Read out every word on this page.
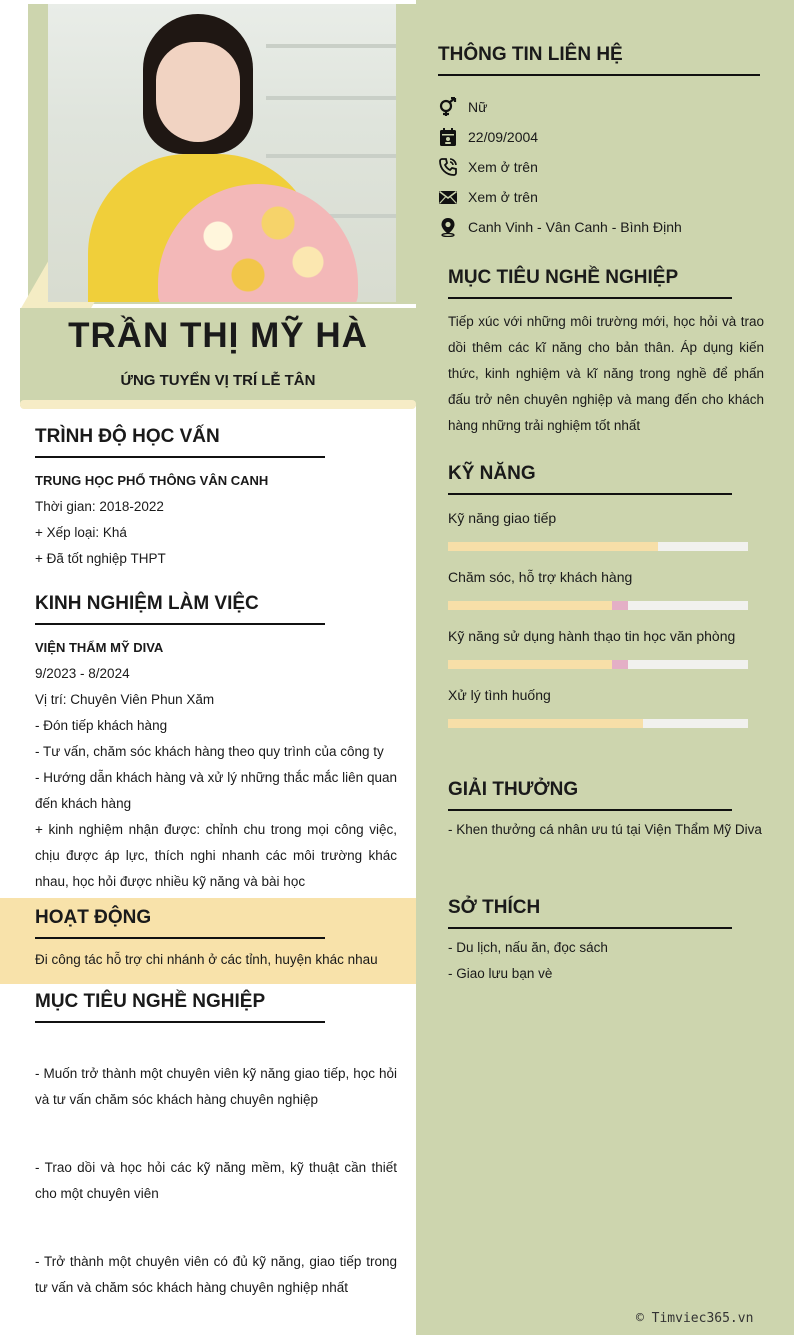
TRẦN THỊ MỸ HÀ
ỨNG TUYỂN VỊ TRÍ LỄ TÂN
TRÌNH ĐỘ HỌC VẤN
TRUNG HỌC PHỔ THÔNG VÂN CANH
Thời gian: 2018-2022
+ Xếp loại: Khá
+ Đã tốt nghiệp THPT
KINH NGHIỆM LÀM VIỆC
VIỆN THẨM MỸ DIVA
9/2023 - 8/2024
Vị trí: Chuyên Viên Phun Xăm
- Đón tiếp khách hàng
- Tư vấn, chăm sóc khách hàng theo quy trình của công ty
- Hướng dẫn khách hàng và xử lý những thắc mắc liên quan đến khách hàng
+ kinh nghiệm nhận được: chỉnh chu trong mọi công việc, chịu được áp lực, thích nghi nhanh các môi trường khác nhau, học hỏi được nhiều kỹ năng và bài học
HOẠT ĐỘNG
Đi công tác hỗ trợ chi nhánh ở các tỉnh, huyện khác nhau
MỤC TIÊU NGHỀ NGHIỆP
- Muốn trở thành một chuyên viên kỹ năng giao tiếp, học hỏi và tư vấn chăm sóc khách hàng chuyên nghiệp
- Trao dồi và học hỏi các kỹ năng mềm, kỹ thuật cần thiết cho một chuyên viên
- Trở thành một chuyên viên có đủ kỹ năng, giao tiếp trong tư vấn và chăm sóc khách hàng chuyên nghiệp nhất
THÔNG TIN LIÊN HỆ
Nữ
22/09/2004
Xem ở trên
Xem ở trên
Canh Vinh - Vân Canh - Bình Định
MỤC TIÊU NGHỀ NGHIỆP
Tiếp xúc với những môi trường mới, học hỏi và trao dồi thêm các kĩ năng cho bản thân. Áp dụng kiến thức, kinh nghiệm và kĩ năng trong nghề để phấn đấu trở nên chuyên nghiệp và mang đến cho khách hàng những trải nghiệm tốt nhất
KỸ NĂNG
Kỹ năng giao tiếp
Chăm sóc, hỗ trợ khách hàng
Kỹ năng sử dụng hành thạo tin học văn phòng
Xử lý tình huống
GIẢI THƯỞNG
- Khen thưởng cá nhân ưu tú tại Viện Thẩm Mỹ Diva
SỞ THÍCH
- Du lịch, nấu ăn, đọc sách
- Giao lưu bạn vè
© Timviec365.vn
